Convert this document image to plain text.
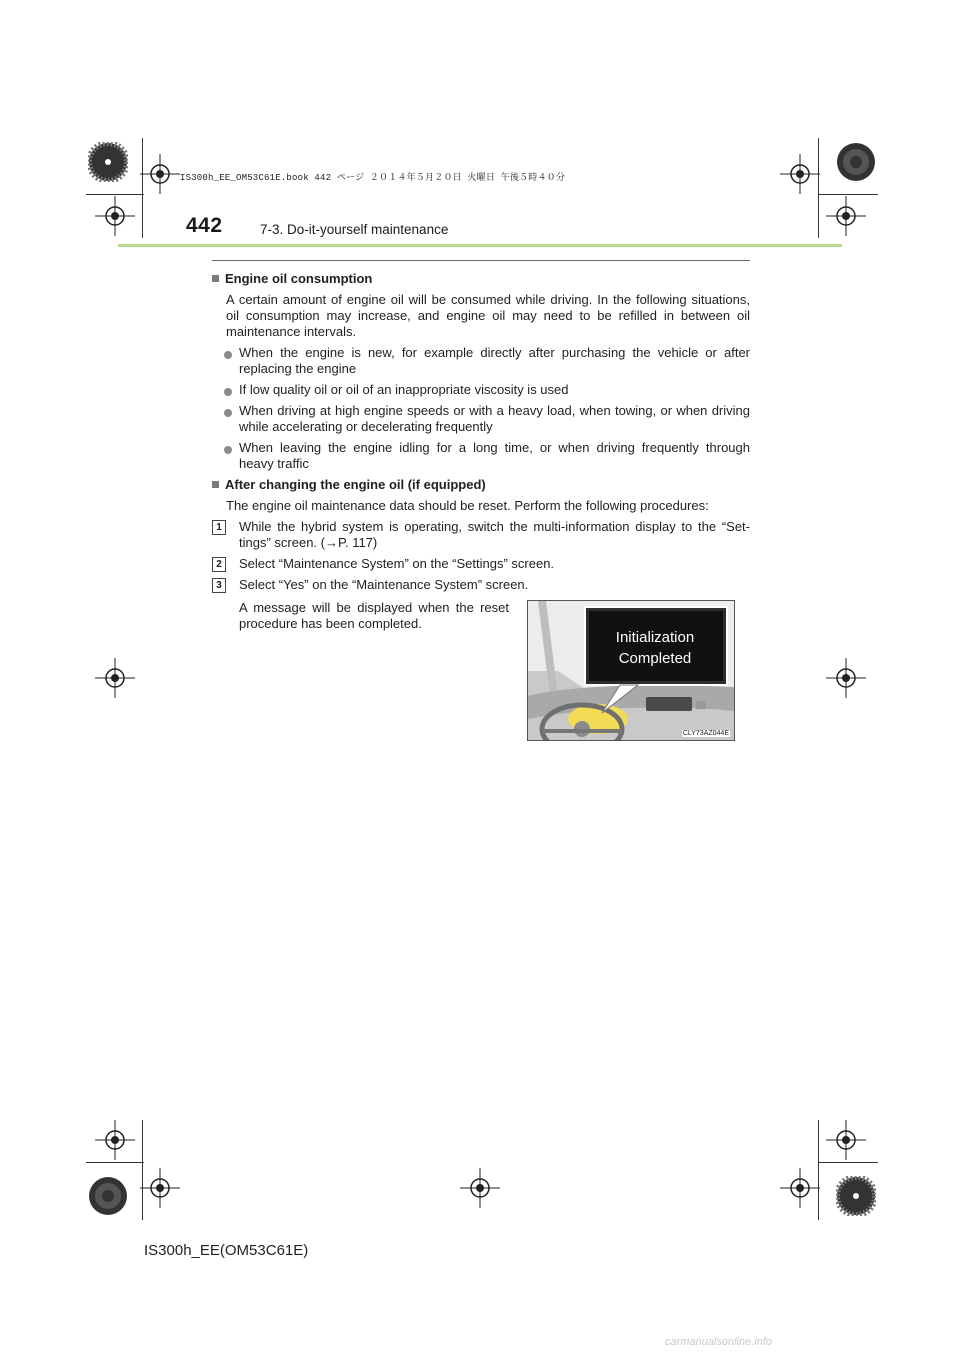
IS300h_EE_OM53C61E.book 442 ページ ２０１４年５月２０日 火曜日 午後５時４０分
442	7-3. Do-it-yourself maintenance
Engine oil consumption
A certain amount of engine oil will be consumed while driving. In the following situations,
oil consumption may increase, and engine oil may need to be refilled in between oil
maintenance intervals.
When the engine is new, for example directly after purchasing the vehicle or after
replacing the engine
If low quality oil or oil of an inappropriate viscosity is used
When driving at high engine speeds or with a heavy load, when towing, or when driving
while accelerating or decelerating frequently
When leaving the engine idling for a long time, or when driving frequently through
heavy traffic
After changing the engine oil (if equipped)
The engine oil maintenance data should be reset. Perform the following procedures:
1	While the hybrid system is operating, switch the multi-information display to the “Set-
tings” screen. (→P. 117)
2	Select “Maintenance System” on the “Settings” screen.
3	Select “Yes” on the “Maintenance System” screen.
A message will be displayed when the reset
procedure has been completed.
Initialization
Completed
CLY73AZ044E
IS300h_EE(OM53C61E)
carmanualsonline.info
